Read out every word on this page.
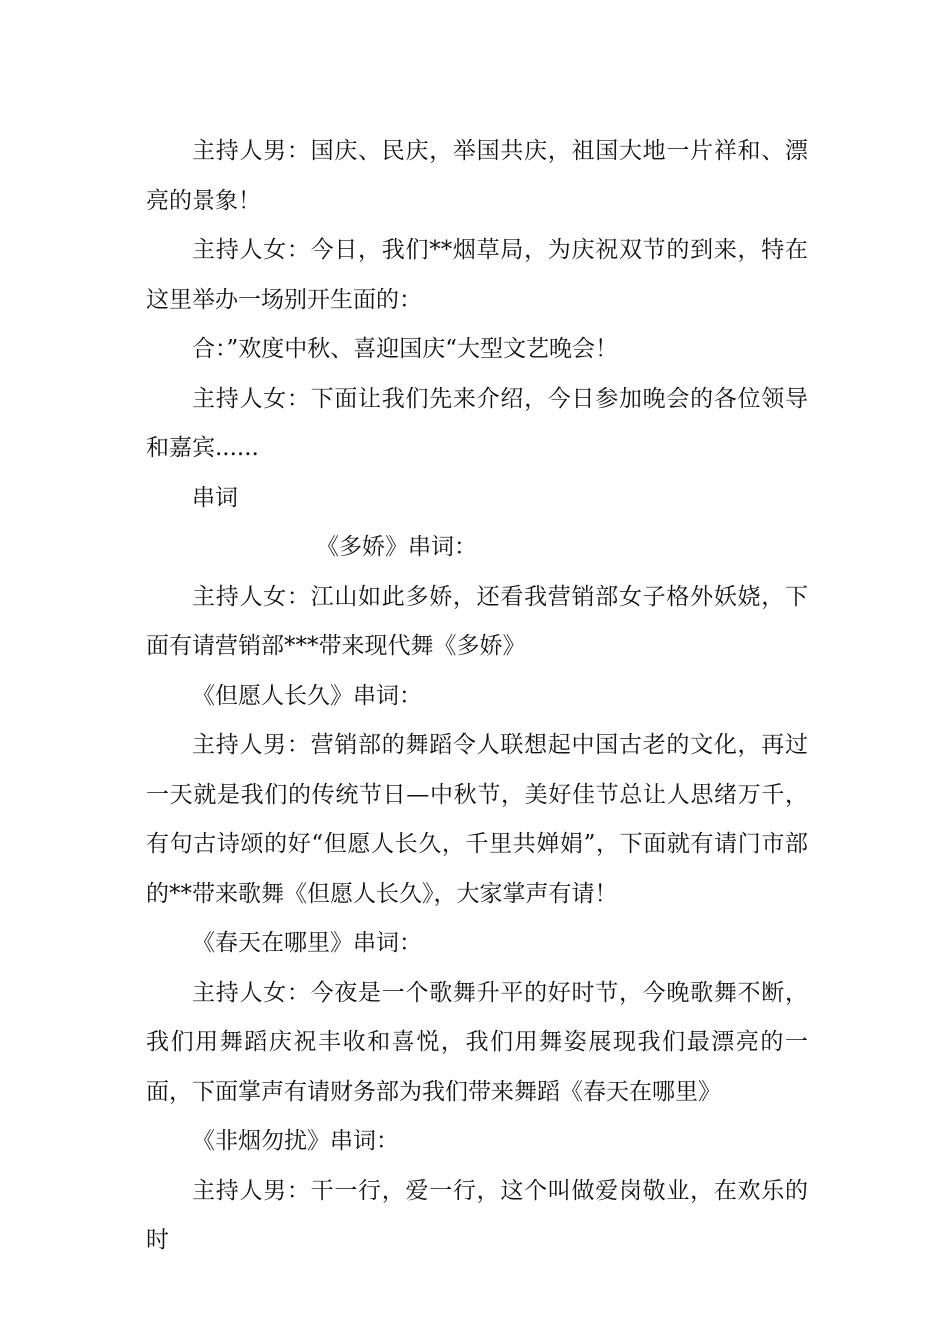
主持人男：国庆、民庆，举国共庆，祖国大地一片祥和、漂亮的景象！

主持人女：今日，我们**烟草局，为庆祝双节的到来，特在这里举办一场别开生面的：

合：”欢度中秋、喜迎国庆“大型文艺晚会！

主持人女：下面让我们先来介绍，今日参加晚会的各位领导和嘉宾......

串词

《多娇》串词：

主持人女：江山如此多娇，还看我营销部女子格外妖娆，下面有请营销部***带来现代舞《多娇》

《但愿人长久》串词：

主持人男：营销部的舞蹈令人联想起中国古老的文化，再过一天就是我们的传统节日—中秋节，美好佳节总让人思绪万千，有句古诗颂的好“但愿人长久，千里共婵娟”，下面就有请门市部的**带来歌舞《但愿人长久》，大家掌声有请！

《春天在哪里》串词：

主持人女：今夜是一个歌舞升平的好时节，今晚歌舞不断，我们用舞蹈庆祝丰收和喜悦，我们用舞姿展现我们最漂亮的一面，下面掌声有请财务部为我们带来舞蹈《春天在哪里》

《非烟勿扰》串词：

主持人男：干一行，爱一行，这个叫做爱岗敬业，在欢乐的时
